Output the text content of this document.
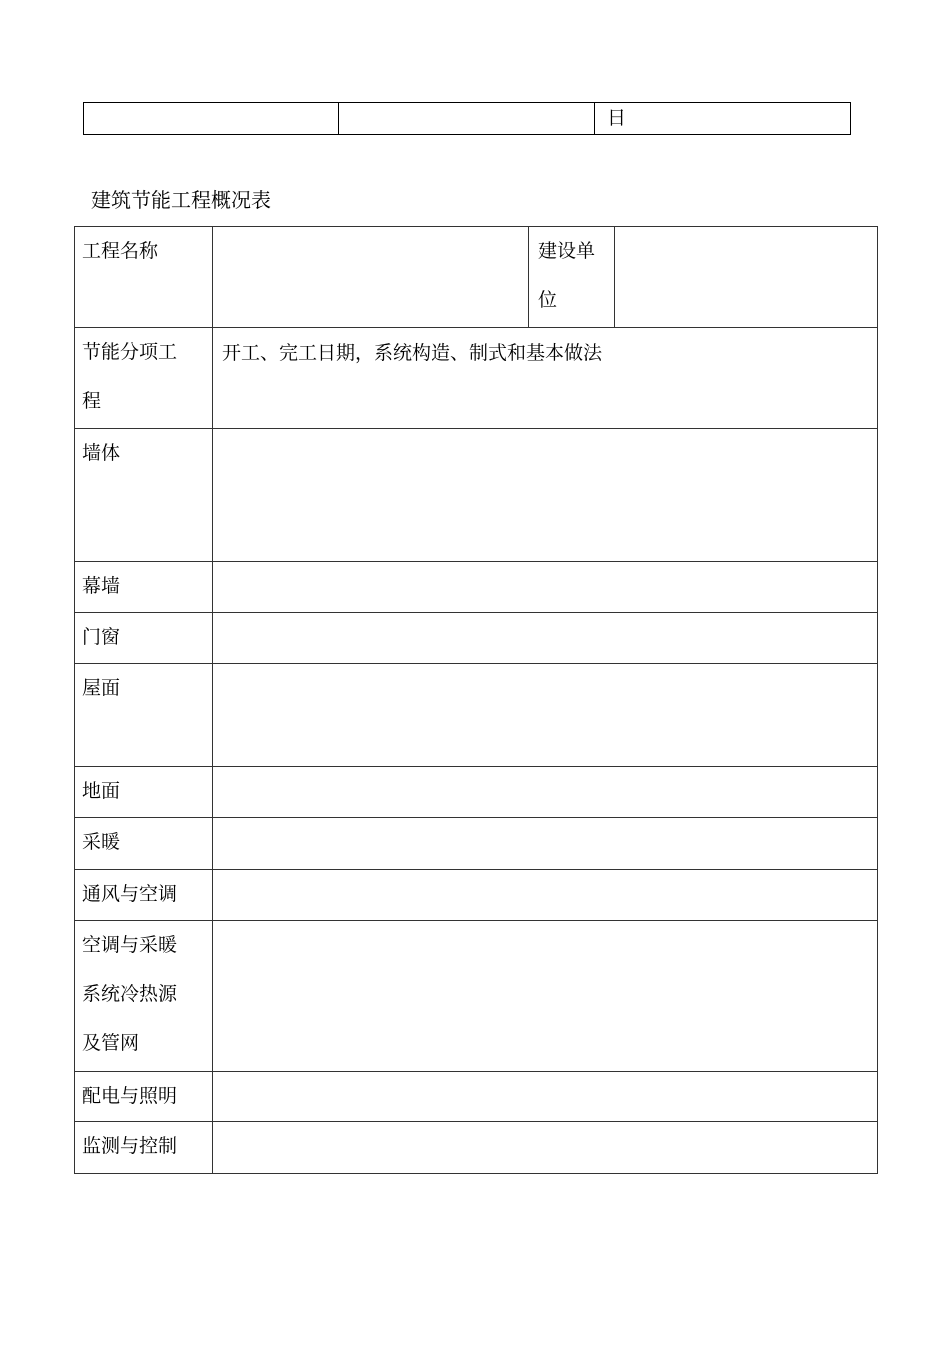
		日
建筑节能工程概况表
工程名称		建设单
位	

节能分项工
程	开工、完工日期，系统构造、制式和基本做法		

墙体			

幕墙			

门窗			

屋面			

地面			

采暖			

通风与空调			

空调与采暖
系统冷热源
及管网			

配电与照明			

监测与控制			
